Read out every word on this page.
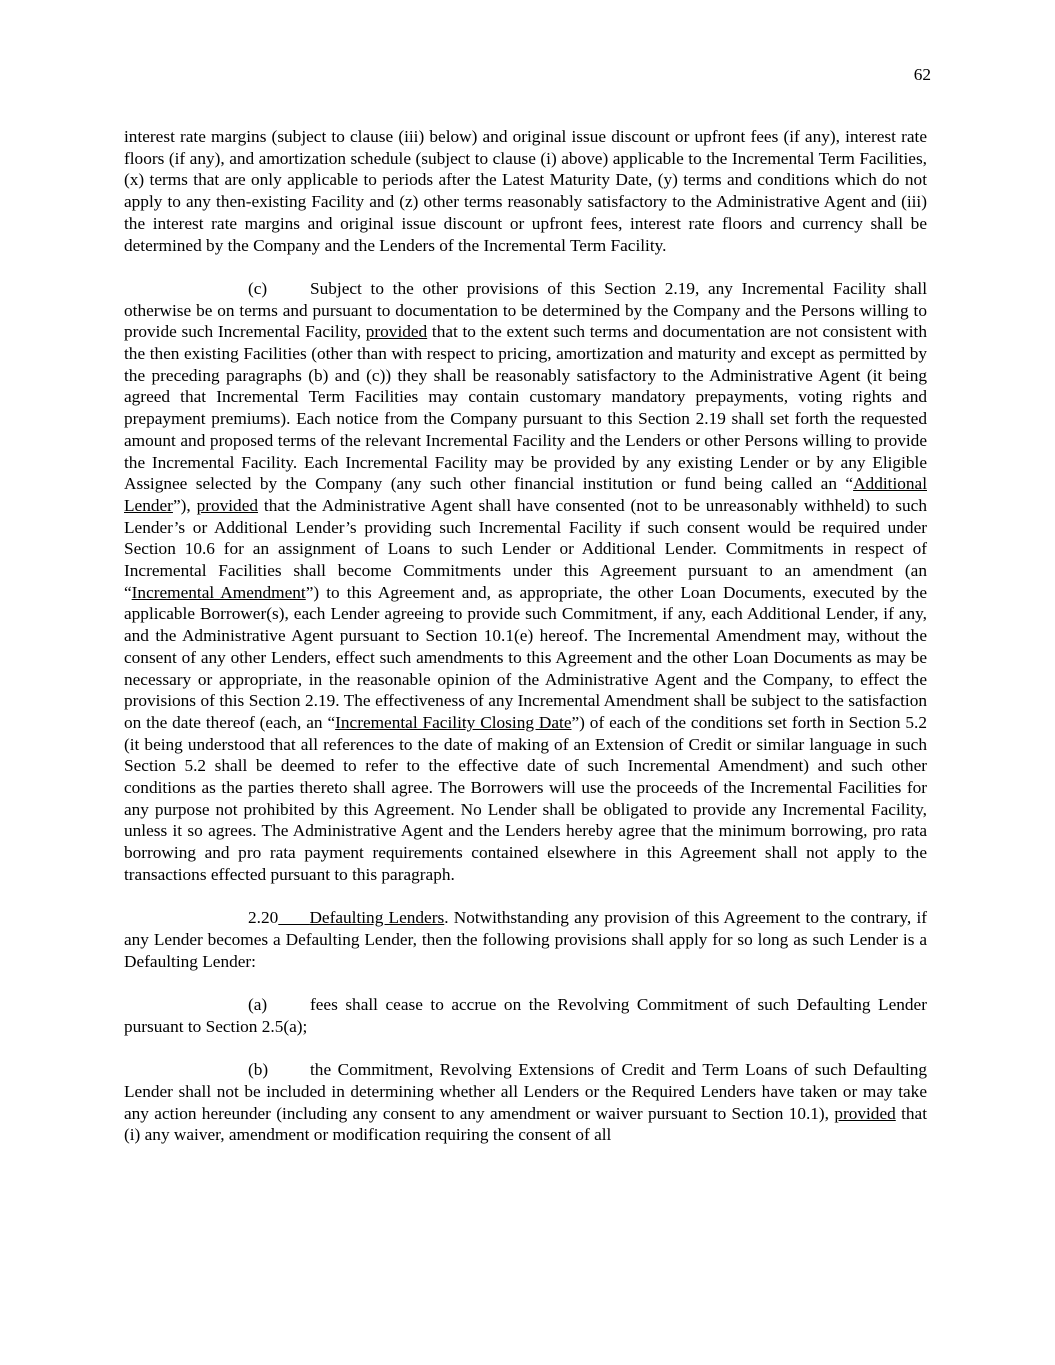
62

interest rate margins (subject to clause (iii) below) and original issue discount or upfront fees (if any), interest rate floors (if any), and amortization schedule (subject to clause (i) above) applicable to the Incremental Term Facilities, (x) terms that are only applicable to periods after the Latest Maturity Date, (y) terms and conditions which do not apply to any then-existing Facility and (z) other terms reasonably satisfactory to the Administrative Agent and (iii) the interest rate margins and original issue discount or upfront fees, interest rate floors and currency shall be determined by the Company and the Lenders of the Incremental Term Facility.

(c) Subject to the other provisions of this Section 2.19, any Incremental Facility shall otherwise be on terms and pursuant to documentation to be determined by the Company and the Persons willing to provide such Incremental Facility, provided that to the extent such terms and documentation are not consistent with the then existing Facilities (other than with respect to pricing, amortization and maturity and except as permitted by the preceding paragraphs (b) and (c)) they shall be reasonably satisfactory to the Administrative Agent (it being agreed that Incremental Term Facilities may contain customary mandatory prepayments, voting rights and prepayment premiums). Each notice from the Company pursuant to this Section 2.19 shall set forth the requested amount and proposed terms of the relevant Incremental Facility and the Lenders or other Persons willing to provide the Incremental Facility. Each Incremental Facility may be provided by any existing Lender or by any Eligible Assignee selected by the Company (any such other financial institution or fund being called an “Additional Lender”), provided that the Administrative Agent shall have consented (not to be unreasonably withheld) to such Lender’s or Additional Lender’s providing such Incremental Facility if such consent would be required under Section 10.6 for an assignment of Loans to such Lender or Additional Lender. Commitments in respect of Incremental Facilities shall become Commitments under this Agreement pursuant to an amendment (an “Incremental Amendment”) to this Agreement and, as appropriate, the other Loan Documents, executed by the applicable Borrower(s), each Lender agreeing to provide such Commitment, if any, each Additional Lender, if any, and the Administrative Agent pursuant to Section 10.1(e) hereof. The Incremental Amendment may, without the consent of any other Lenders, effect such amendments to this Agreement and the other Loan Documents as may be necessary or appropriate, in the reasonable opinion of the Administrative Agent and the Company, to effect the provisions of this Section 2.19. The effectiveness of any Incremental Amendment shall be subject to the satisfaction on the date thereof (each, an “Incremental Facility Closing Date”) of each of the conditions set forth in Section 5.2 (it being understood that all references to the date of making of an Extension of Credit or similar language in such Section 5.2 shall be deemed to refer to the effective date of such Incremental Amendment) and such other conditions as the parties thereto shall agree. The Borrowers will use the proceeds of the Incremental Facilities for any purpose not prohibited by this Agreement. No Lender shall be obligated to provide any Incremental Facility, unless it so agrees. The Administrative Agent and the Lenders hereby agree that the minimum borrowing, pro rata borrowing and pro rata payment requirements contained elsewhere in this Agreement shall not apply to the transactions effected pursuant to this paragraph.

2.20 Defaulting Lenders. Notwithstanding any provision of this Agreement to the contrary, if any Lender becomes a Defaulting Lender, then the following provisions shall apply for so long as such Lender is a Defaulting Lender:

(a) fees shall cease to accrue on the Revolving Commitment of such Defaulting Lender pursuant to Section 2.5(a);

(b) the Commitment, Revolving Extensions of Credit and Term Loans of such Defaulting Lender shall not be included in determining whether all Lenders or the Required Lenders have taken or may take any action hereunder (including any consent to any amendment or waiver pursuant to Section 10.1), provided that (i) any waiver, amendment or modification requiring the consent of all
